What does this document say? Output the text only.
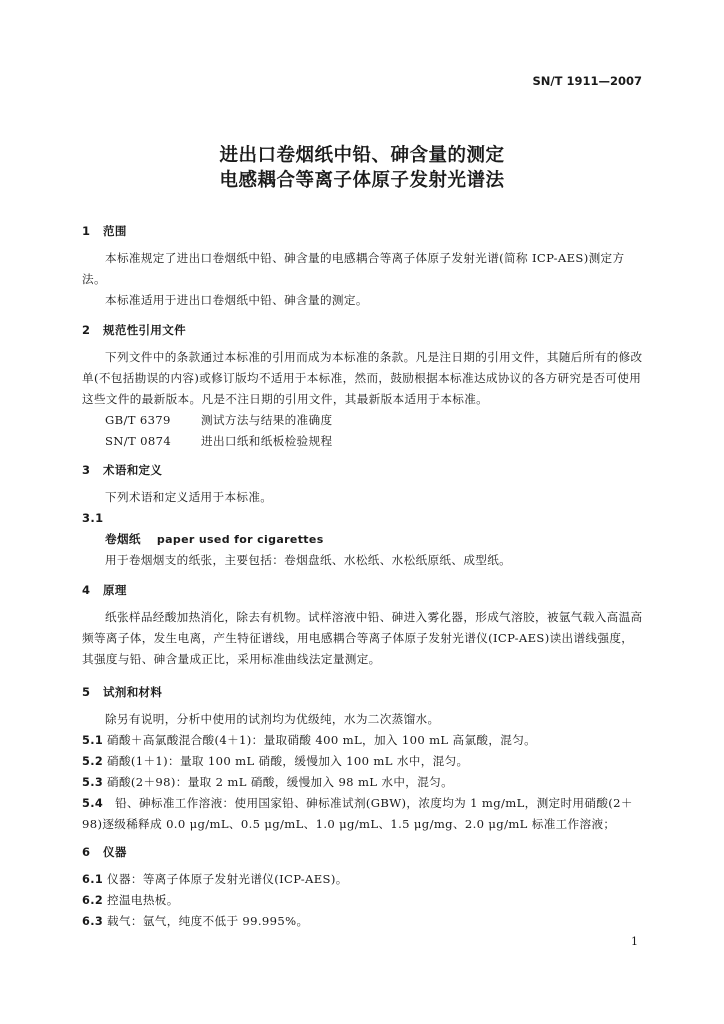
SN/T 1911—2007
进出口卷烟纸中铅、砷含量的测定
电感耦合等离子体原子发射光谱法
1	范围

本标准规定了进出口卷烟纸中铅、砷含量的电感耦合等离子体原子发射光谱(简称 ICP-AES)测定方法。

本标准适用于进出口卷烟纸中铅、砷含量的测定。

2	规范性引用文件

下列文件中的条款通过本标准的引用而成为本标准的条款。凡是注日期的引用文件，其随后所有的修改单(不包括勘误的内容)或修订版均不适用于本标准，然而，鼓励根据本标准达成协议的各方研究是否可使用这些文件的最新版本。凡是不注日期的引用文件，其最新版本适用于本标准。

GB/T 6379	测试方法与结果的准确度
SN/T 0874	进出口纸和纸板检验规程
3	术语和定义

下列术语和定义适用于本标准。

3.1
卷烟纸 paper used for cigarettes

用于卷烟烟支的纸张，主要包括：卷烟盘纸、水松纸、水松纸原纸、成型纸。

4	原理

纸张样品经酸加热消化，除去有机物。试样溶液中铅、砷进入雾化器，形成气溶胶，被氩气载入高温高频等离子体，发生电离，产生特征谱线，用电感耦合等离子体原子发射光谱仪(ICP-AES)读出谱线强度，其强度与铅、砷含量成正比，采用标准曲线法定量测定。

5	试剂和材料

除另有说明，分析中使用的试剂均为优级纯，水为二次蒸馏水。

5.1 硝酸＋高氯酸混合酸(4＋1)：量取硝酸 400 mL，加入 100 mL 高氯酸，混匀。
5.2 硝酸(1＋1)：量取 100 mL 硝酸，缓慢加入 100 mL 水中，混匀。
5.3 硝酸(2＋98)：量取 2 mL 硝酸，缓慢加入 98 mL 水中，混匀。

5.4 铅、砷标准工作溶液：使用国家铅、砷标准试剂(GBW)，浓度均为 1 mg/mL，测定时用硝酸(2＋98)逐级稀释成 0.0 μg/mL、0.5 μg/mL、1.0 μg/mL、1.5 μg/mg、2.0 μg/mL 标准工作溶液；

6	仪器
6.1 仪器：等离子体原子发射光谱仪(ICP-AES)。
6.2 控温电热板。
6.3 载气：氩气，纯度不低于 99.995%。
1
